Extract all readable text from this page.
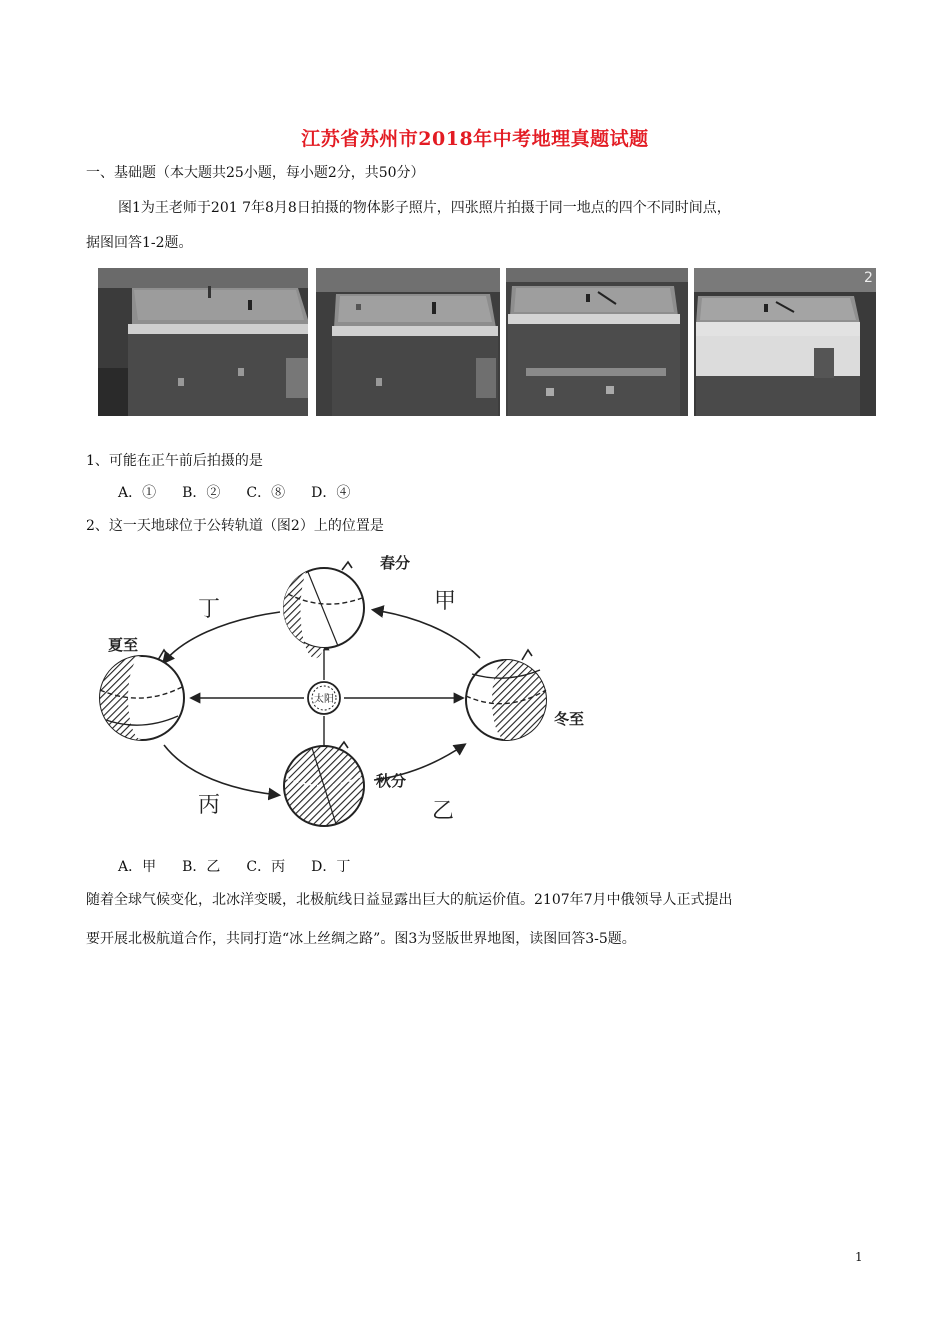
江苏省苏州市2018年中考地理真题试题
一、基础题（本大题共25小题，每小题2分，共50分）
图1为王老师于201 7年8月8日拍摄的物体影子照片，四张照片拍摄于同一地点的四个不同时间点，
据图回答1-2题。
2
1、可能在正午前后拍摄的是
A．① B．② C．⑧ D．④
2、这一天地球位于公转轨道（图2）上的位置是
太阳
春分
夏至
秋分
冬至
丁	甲
丙	乙
A．甲 B．乙 C．丙 D．丁
随着全球气候变化，北冰洋变暖，北极航线日益显露出巨大的航运价值。2107年7月中俄领导人正式提出
要开展北极航道合作，共同打造“冰上丝绸之路”。图3为竖版世界地图，读图回答3-5题。
1
